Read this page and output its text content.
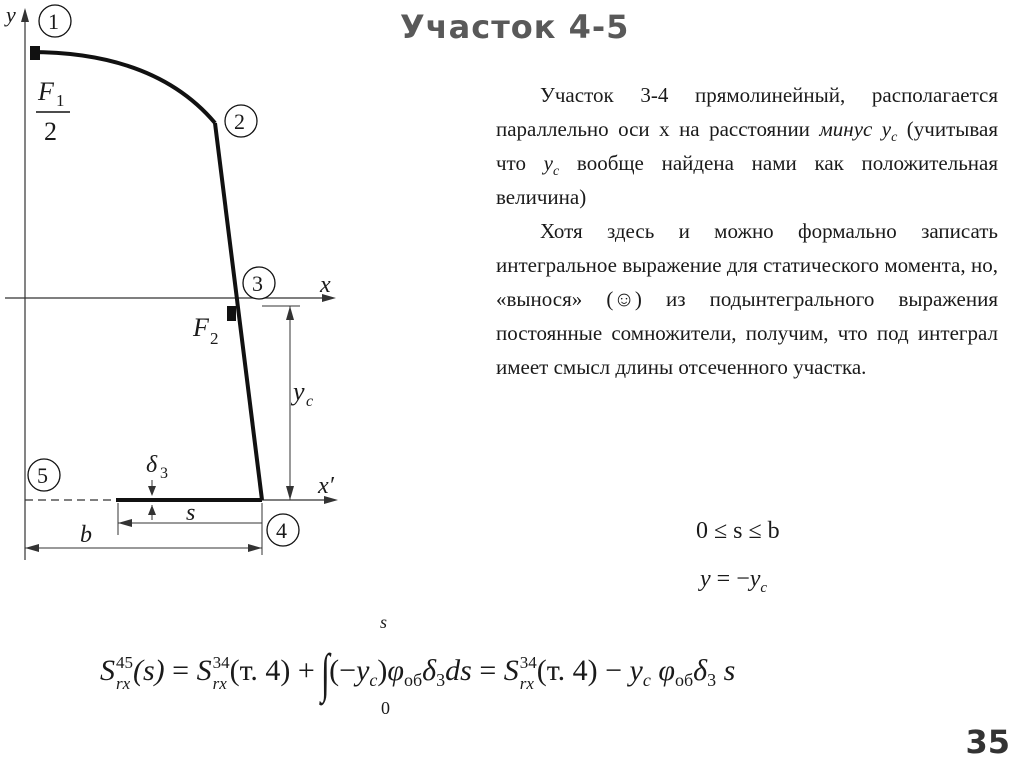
Участок 4-5
y
x
x′
F 1
2
F 2
1
2
3
4
5
y c
δ 3
s
b

Участок 3-4 прямолинейный, располагается параллельно оси x на расстоянии минус $y_c$ (учитывая что $y_c$ вообще найдена нами как положительная величина)

Хотя здесь и можно формально записать интегральное выражение для статического момента, но, «вынося» (☺) из подынтегрального выражения постоянные сомножители, получим, что под интеграл имеет смысл длины отсеченного участка.

0 ≤ s ≤ b
$y = -y_c$
s
0
S 45
rx (s) = S 34
rx (т. $4) + \int(-y_c)\varphi_{об}\delta_3ds = S$ 34
rx (т. $4) - y_c$ $\varphi_{об}\delta_3$ s
35
